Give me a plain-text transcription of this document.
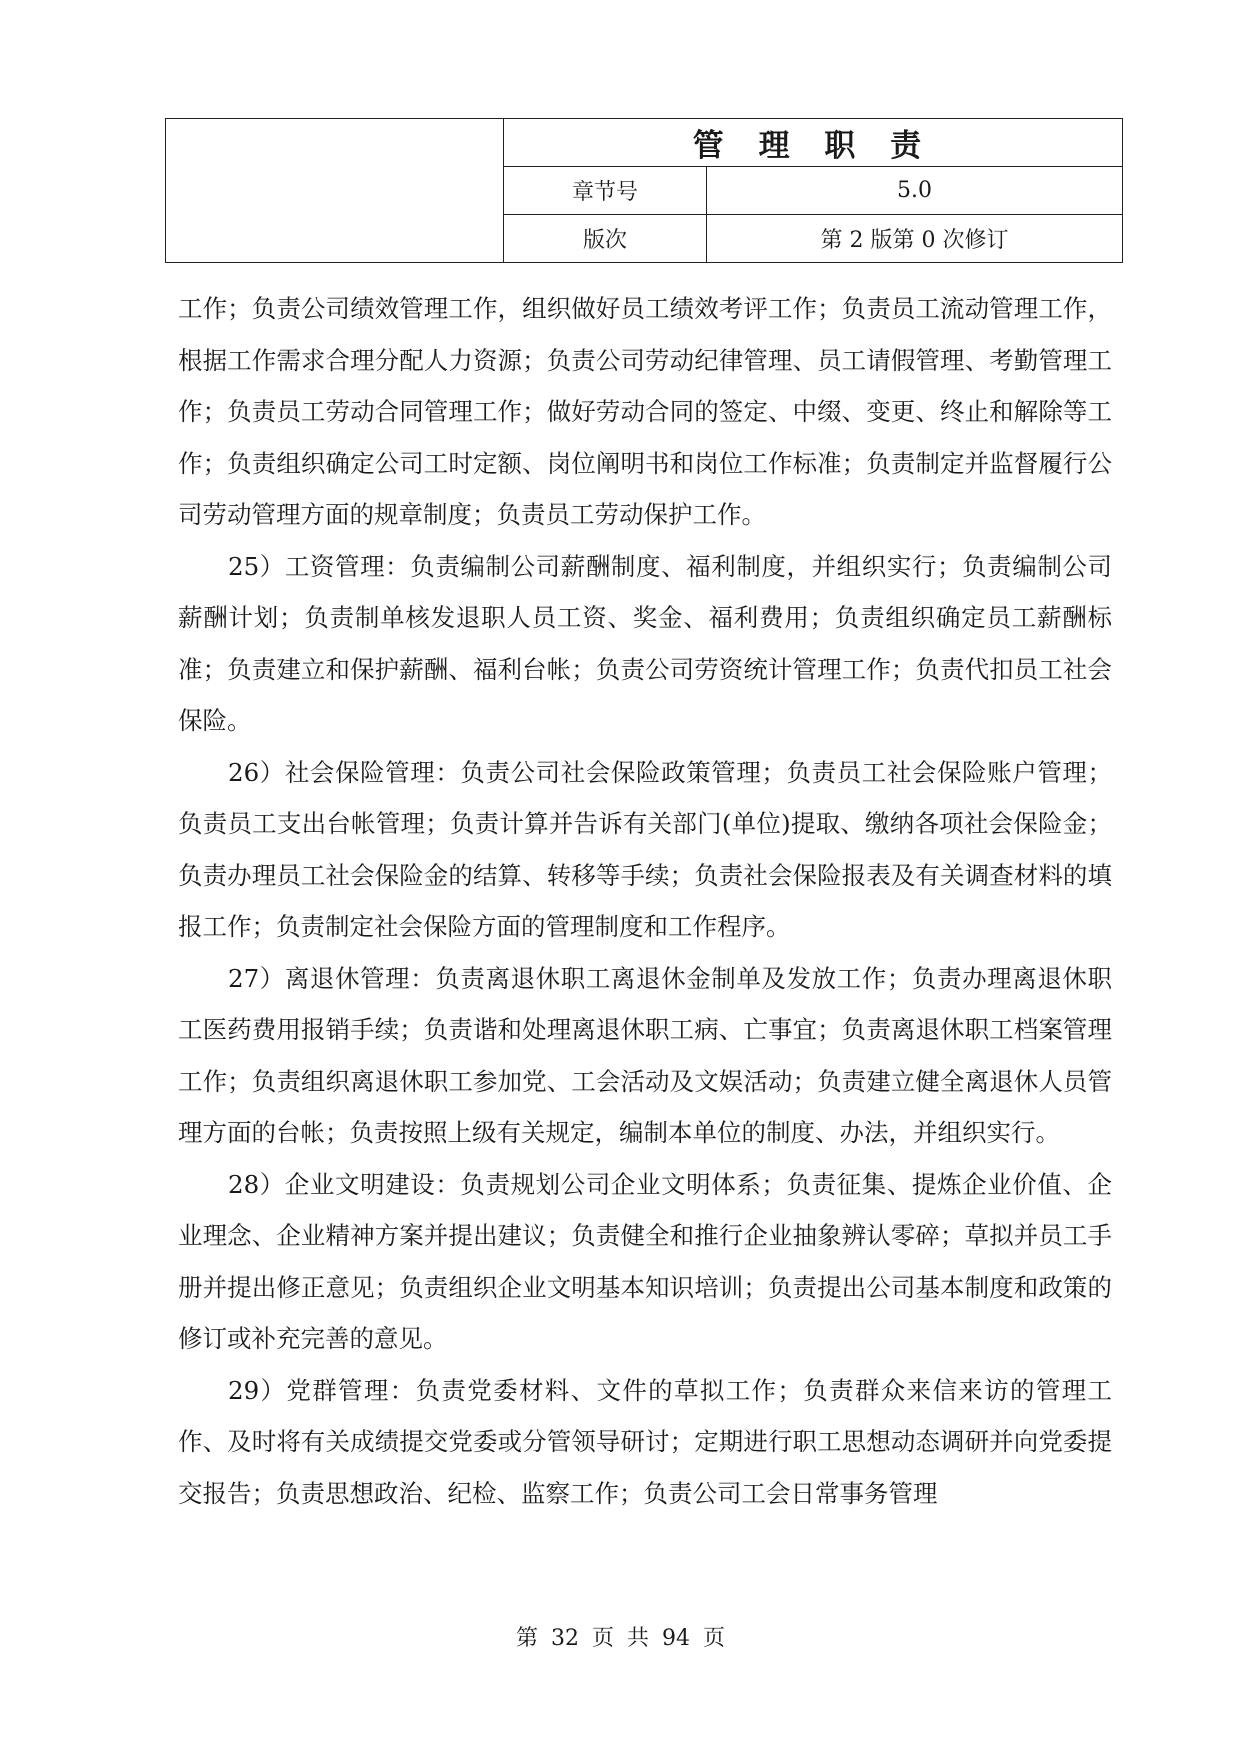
管 理 职 责
章节号	5.0
版次	第 2 版第 0 次修订

工作；负责公司绩效管理工作，组织做好员工绩效考评工作；负责员工流动管理工作，根据工作需求合理分配人力资源；负责公司劳动纪律管理、员工请假管理、考勤管理工作；负责员工劳动合同管理工作；做好劳动合同的签定、中缀、变更、终止和解除等工作；负责组织确定公司工时定额、岗位阐明书和岗位工作标准；负责制定并监督履行公司劳动管理方面的规章制度；负责员工劳动保护工作。

25）工资管理：负责编制公司薪酬制度、福利制度，并组织实行；负责编制公司薪酬计划；负责制单核发退职人员工资、奖金、福利费用；负责组织确定员工薪酬标准；负责建立和保护薪酬、福利台帐；负责公司劳资统计管理工作；负责代扣员工社会保险。

26）社会保险管理：负责公司社会保险政策管理；负责员工社会保险账户管理；负责员工支出台帐管理；负责计算并告诉有关部门(单位)提取、缴纳各项社会保险金；负责办理员工社会保险金的结算、转移等手续；负责社会保险报表及有关调查材料的填报工作；负责制定社会保险方面的管理制度和工作程序。

27）离退休管理：负责离退休职工离退休金制单及发放工作；负责办理离退休职工医药费用报销手续；负责谐和处理离退休职工病、亡事宜；负责离退休职工档案管理工作；负责组织离退休职工参加党、工会活动及文娱活动；负责建立健全离退休人员管理方面的台帐；负责按照上级有关规定，编制本单位的制度、办法，并组织实行。

28）企业文明建设：负责规划公司企业文明体系；负责征集、提炼企业价值、企业理念、企业精神方案并提出建议；负责健全和推行企业抽象辨认零碎；草拟并员工手册并提出修正意见；负责组织企业文明基本知识培训；负责提出公司基本制度和政策的修订或补充完善的意见。

29）党群管理：负责党委材料、文件的草拟工作；负责群众来信来访的管理工作、及时将有关成绩提交党委或分管领导研讨；定期进行职工思想动态调研并向党委提交报告；负责思想政治、纪检、监察工作；负责公司工会日常事务管理

第 32 页 共 94 页
